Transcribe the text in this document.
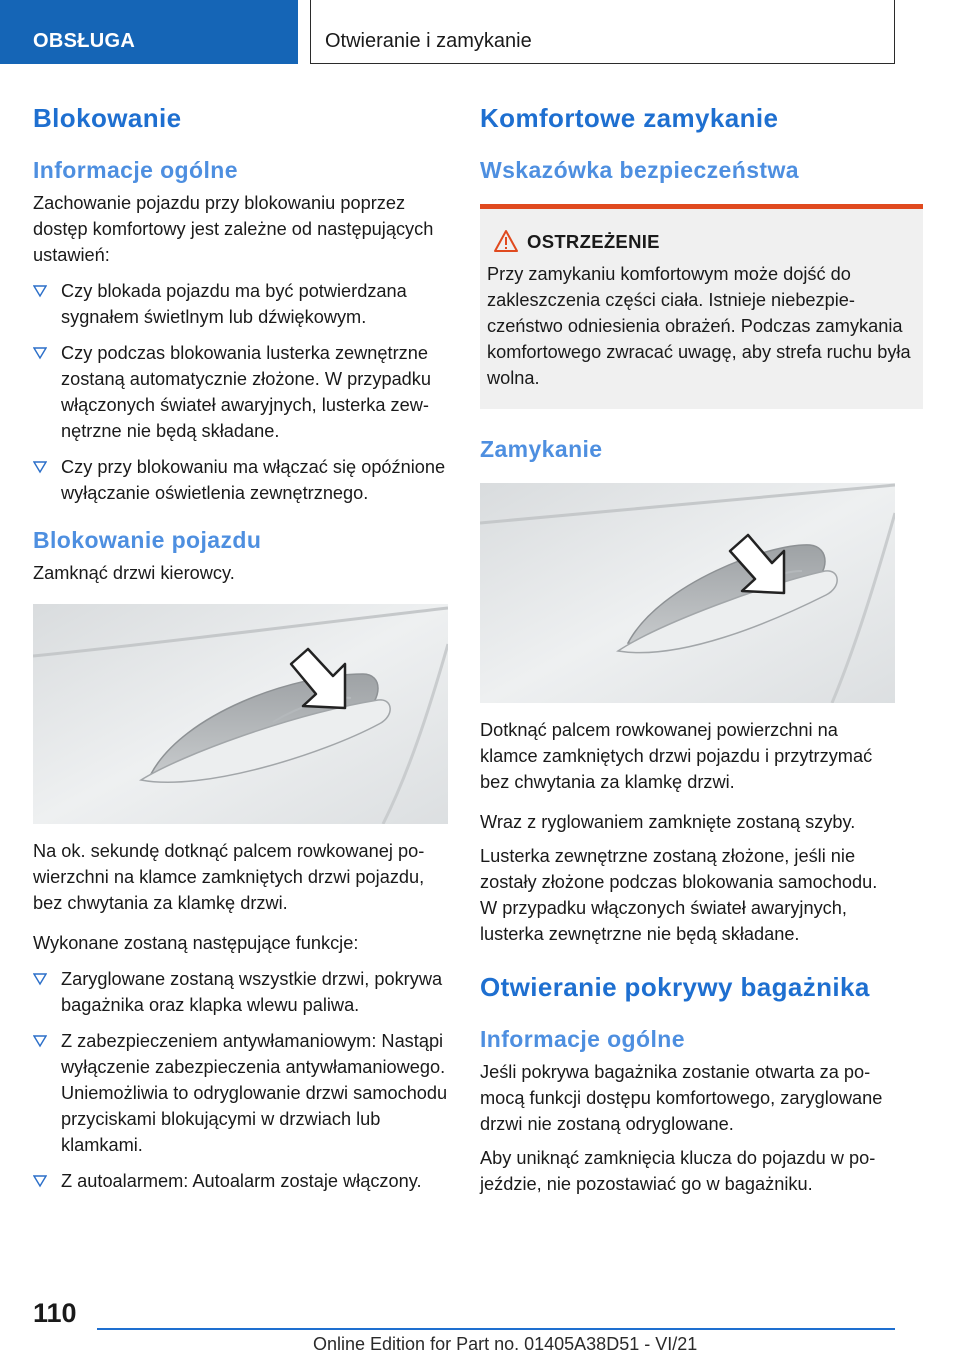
OBSŁUGA	Otwieranie i zamykanie
Blokowanie
Informacje ogólne

Zachowanie pojazdu przy blokowaniu poprzez dostęp komfortowy jest zależne od następujących ustawień:

Czy blokada pojazdu ma być potwierdzana sygnałem świetlnym lub dźwiękowym.
Czy podczas blokowania lusterka zewnętrzne zostaną automatycznie złożone. W przypadku włączonych świateł awaryjnych, lusterka zewnętrzne nie będą składane.
Czy przy blokowaniu ma włączać się opóźnione wyłączanie oświetlenia zewnętrznego.
Blokowanie pojazdu

Zamknąć drzwi kierowcy.

Na ok. sekundę dotknąć palcem rowkowanej powierzchni na klamce zamkniętych drzwi pojazdu, bez chwytania za klamkę drzwi.

Wykonane zostaną następujące funkcje:

Zaryglowane zostaną wszystkie drzwi, pokrywa bagażnika oraz klapka wlewu paliwa.
Z zabezpieczeniem antywłamaniowym: Nastąpi wyłączenie zabezpieczenia antywłamaniowego. Uniemożliwia to odryglowanie drzwi samochodu przyciskami blokującymi w drzwiach lub klamkami.
Z autoalarmem: Autoalarm zostaje włączony.
Komfortowe zamykanie
Wskazówka bezpieczeństwa
OSTRZEŻENIE

Przy zamykaniu komfortowym może dojść do zakleszczenia części ciała. Istnieje niebezpieczeństwo odniesienia obrażeń. Podczas zamykania komfortowego zwracać uwagę, aby strefa ruchu była wolna.

Zamykanie

Dotknąć palcem rowkowanej powierzchni na klamce zamkniętych drzwi pojazdu i przytrzymać bez chwytania za klamkę drzwi.

Wraz z ryglowaniem zamknięte zostaną szyby.

Lusterka zewnętrzne zostaną złożone, jeśli nie zostały złożone podczas blokowania samochodu. W przypadku włączonych świateł awaryjnych, lusterka zewnętrzne nie będą składane.

Otwieranie pokrywy bagażnika
Informacje ogólne

Jeśli pokrywa bagażnika zostanie otwarta za pomocą funkcji dostępu komfortowego, zaryglowane drzwi nie zostaną odryglowane.

Aby uniknąć zamknięcia klucza do pojazdu w pojeździe, nie pozostawiać go w bagażniku.

110
Online Edition for Part no. 01405A38D51 - VI/21
